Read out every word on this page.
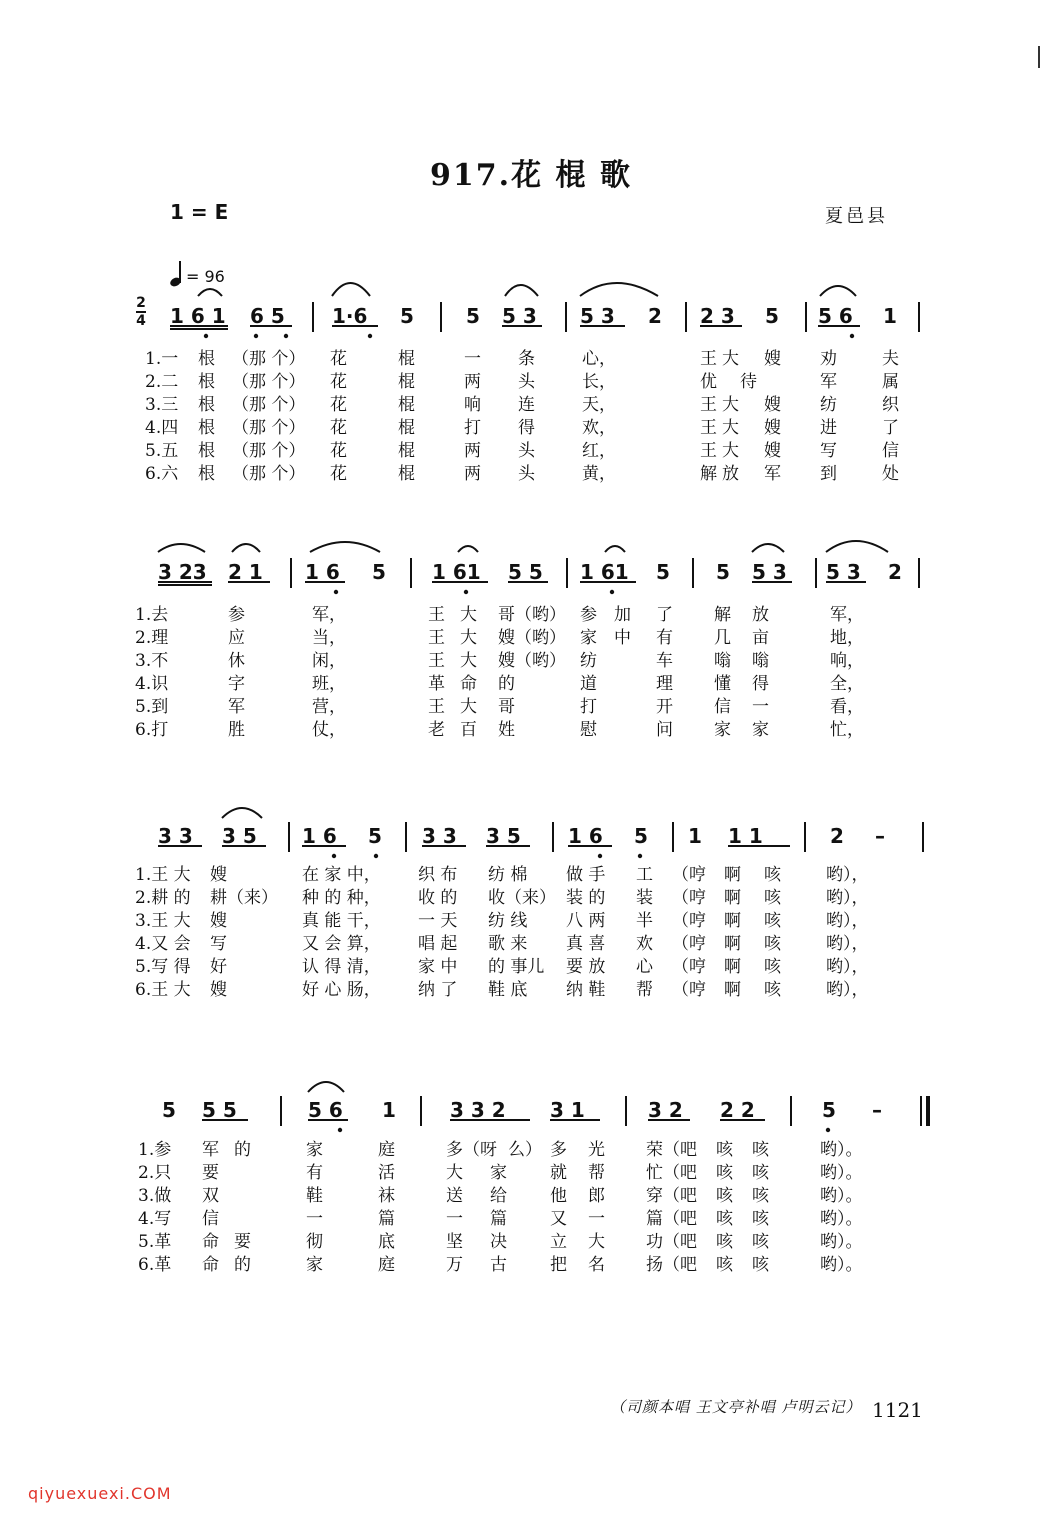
917.花 棍 歌
1 = E	夏邑县
= 96
2
4 1 6 1 6 5 1·6 5	5 5 3 5 3 2 2 3 5 5 6 1
1.一 根 （那 个） 花	棍	一 条	心，	王 大 嫂 劝	夫
2.二 根 （那 个） 花	棍	两 头	长，	优 待	军	属
3.三 根 （那 个） 花	棍	响 连	天，	王 大 嫂 纺	织
4.四 根 （那 个） 花	棍	打 得	欢，	王 大 嫂 进	了
5.五 根 （那 个） 花	棍	两 头	红，	王 大 嫂 写	信
6.六 根 （那 个） 花	棍	两 头	黄，	解 放 军 到	处
3 23 2 1 1 6 5 1 61 5 5 1 61 5 5 5 3 5 3 2
1.去	参	军，	王 大 哥（哟） 参 加 了 解 放	军，
2.理	应	当，	王 大 嫂（哟） 家 中 有 几 亩	地，
3.不	休	闲，	王 大 嫂（哟） 纺	车 嗡 嗡	响，
4.识	字	班，	革 命 的	道	理 懂 得	全，
5.到	军	营，	王 大 哥	打	开 信 一	看，
6.打	胜	仗，	老 百 姓	慰	问 家 家	忙，
3 3 3 5 1 6 5 3 3 3 5 1 6 5 1 1 1	2 –
1.王 大 嫂	在 家 中， 织 布 纺 棉 做 手 工 （哼 啊 咳	哟），
2.耕 的 耕（来） 种 的 种， 收 的 收（来） 装 的 装 （哼 啊 咳	哟），
3.王 大 嫂	真 能 干， 一 天 纺 线 八 两 半 （哼 啊 咳	哟），
4.又 会 写	又 会 算， 唱 起 歌 来 真 喜 欢 （哼 啊 咳	哟），
5.写 得 好	认 得 清， 家 中 的 事儿 要 放 心 （哼 啊 咳	哟），
6.王 大 嫂	好 心 肠， 纳 了 鞋 底 纳 鞋 帮 （哼 啊 咳	哟），
5 5 5	5 6 1	3 3 2 3 1	3 2 2 2	5 –
1.参 军 的	家	庭	多（呀 么） 多 光 荣（吧 咳 咳	哟）。
2.只 要	有	活	大 家	就 帮 忙（吧 咳 咳	哟）。
3.做 双	鞋	袜	送 给	他 郎 穿（吧 咳 咳	哟）。
4.写 信	一	篇	一 篇	又 一 篇（吧 咳 咳	哟）。
5.革 命 要	彻	底	坚 决	立 大 功（吧 咳 咳	哟）。
6.革 命 的	家	庭	万 古	把 名 扬（吧 咳 咳	哟）。
（司颜本唱 王文亭补唱 卢明云记） 1121
qiyuexuexi.COM
